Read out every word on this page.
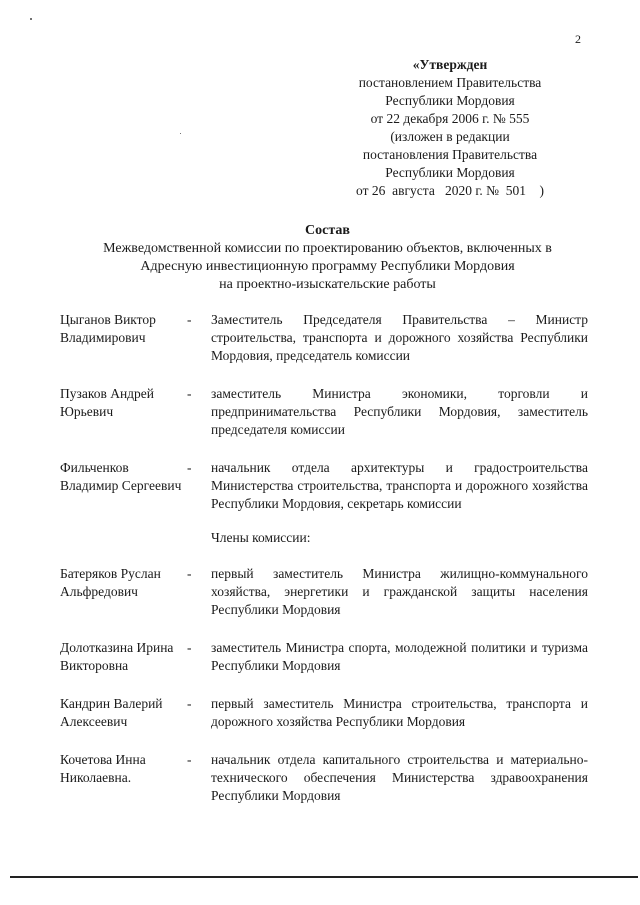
2
«Утвержден
постановлением Правительства
Республики Мордовия
от 22 декабря 2006 г. № 555
(изложен в редакции
постановления Правительства
Республики Мордовия
от 26  августа   2020 г. №  501    )
Состав
Межведомственной комиссии по проектированию объектов, включенных в
Адресную инвестиционную программу Республики Мордовия
на проектно-изыскательские работы
Цыганов Виктор Владимирович
-	Заместитель Председателя Правительства – Министр строительства, транспорта и дорожного хозяйства Республики Мордовия, председатель комиссии
Пузаков Андрей Юрьевич
-	заместитель Министра экономики, торговли и предпринимательства Республики Мордовия, заместитель председателя комиссии
Фильченков Владимир Сергеевич
-	начальник отдела архитектуры и градостроительства Министерства строительства, транспорта и дорожного хозяйства Республики Мордовия, секретарь комиссии
Члены комиссии:
Батеряков Руслан Альфредович
-	первый заместитель Министра жилищно-коммунального хозяйства, энергетики и гражданской защиты населения Республики Мордовия
Долотказина Ирина Викторовна
-	заместитель Министра спорта, молодежной политики и туризма Республики Мордовия
Кандрин Валерий Алексеевич
-	первый заместитель Министра строительства, транспорта и дорожного хозяйства Республики Мордовия
Кочетова Инна Николаевна.
-	начальник отдела капитального строительства и материально-технического обеспечения Министерства здравоохранения Республики Мордовия
